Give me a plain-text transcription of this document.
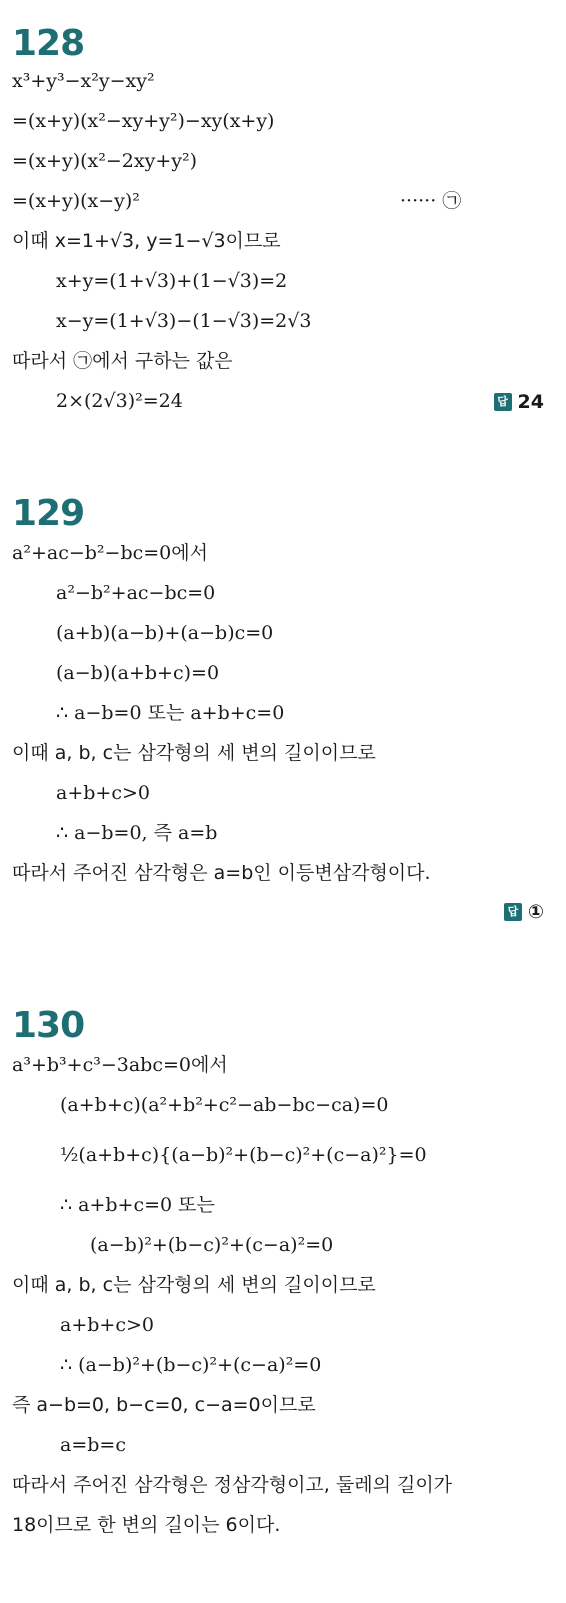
128
x³+y³−x²y−xy²
=(x+y)(x²−xy+y²)−xy(x+y)
=(x+y)(x²−2xy+y²)
=(x+y)(x−y)²	······ ㉠
이때 x=1+√3, y=1−√3이므로
x+y=(1+√3)+(1−√3)=2
x−y=(1+√3)−(1−√3)=2√3
따라서 ㉠에서 구하는 값은
2×(2√3)²=24	답 24
129
a²+ac−b²−bc=0에서
a²−b²+ac−bc=0
(a+b)(a−b)+(a−b)c=0
(a−b)(a+b+c)=0
∴ a−b=0 또는 a+b+c=0
이때 a, b, c는 삼각형의 세 변의 길이이므로
a+b+c>0
∴ a−b=0, 즉 a=b
따라서 주어진 삼각형은 a=b인 이등변삼각형이다.
답 ①
130
a³+b³+c³−3abc=0에서
(a+b+c)(a²+b²+c²−ab−bc−ca)=0
½(a+b+c){(a−b)²+(b−c)²+(c−a)²}=0
∴ a+b+c=0 또는
(a−b)²+(b−c)²+(c−a)²=0
이때 a, b, c는 삼각형의 세 변의 길이이므로
a+b+c>0
∴ (a−b)²+(b−c)²+(c−a)²=0
즉 a−b=0, b−c=0, c−a=0이므로
a=b=c
따라서 주어진 삼각형은 정삼각형이고, 둘레의 길이가
18이므로 한 변의 길이는 6이다.
